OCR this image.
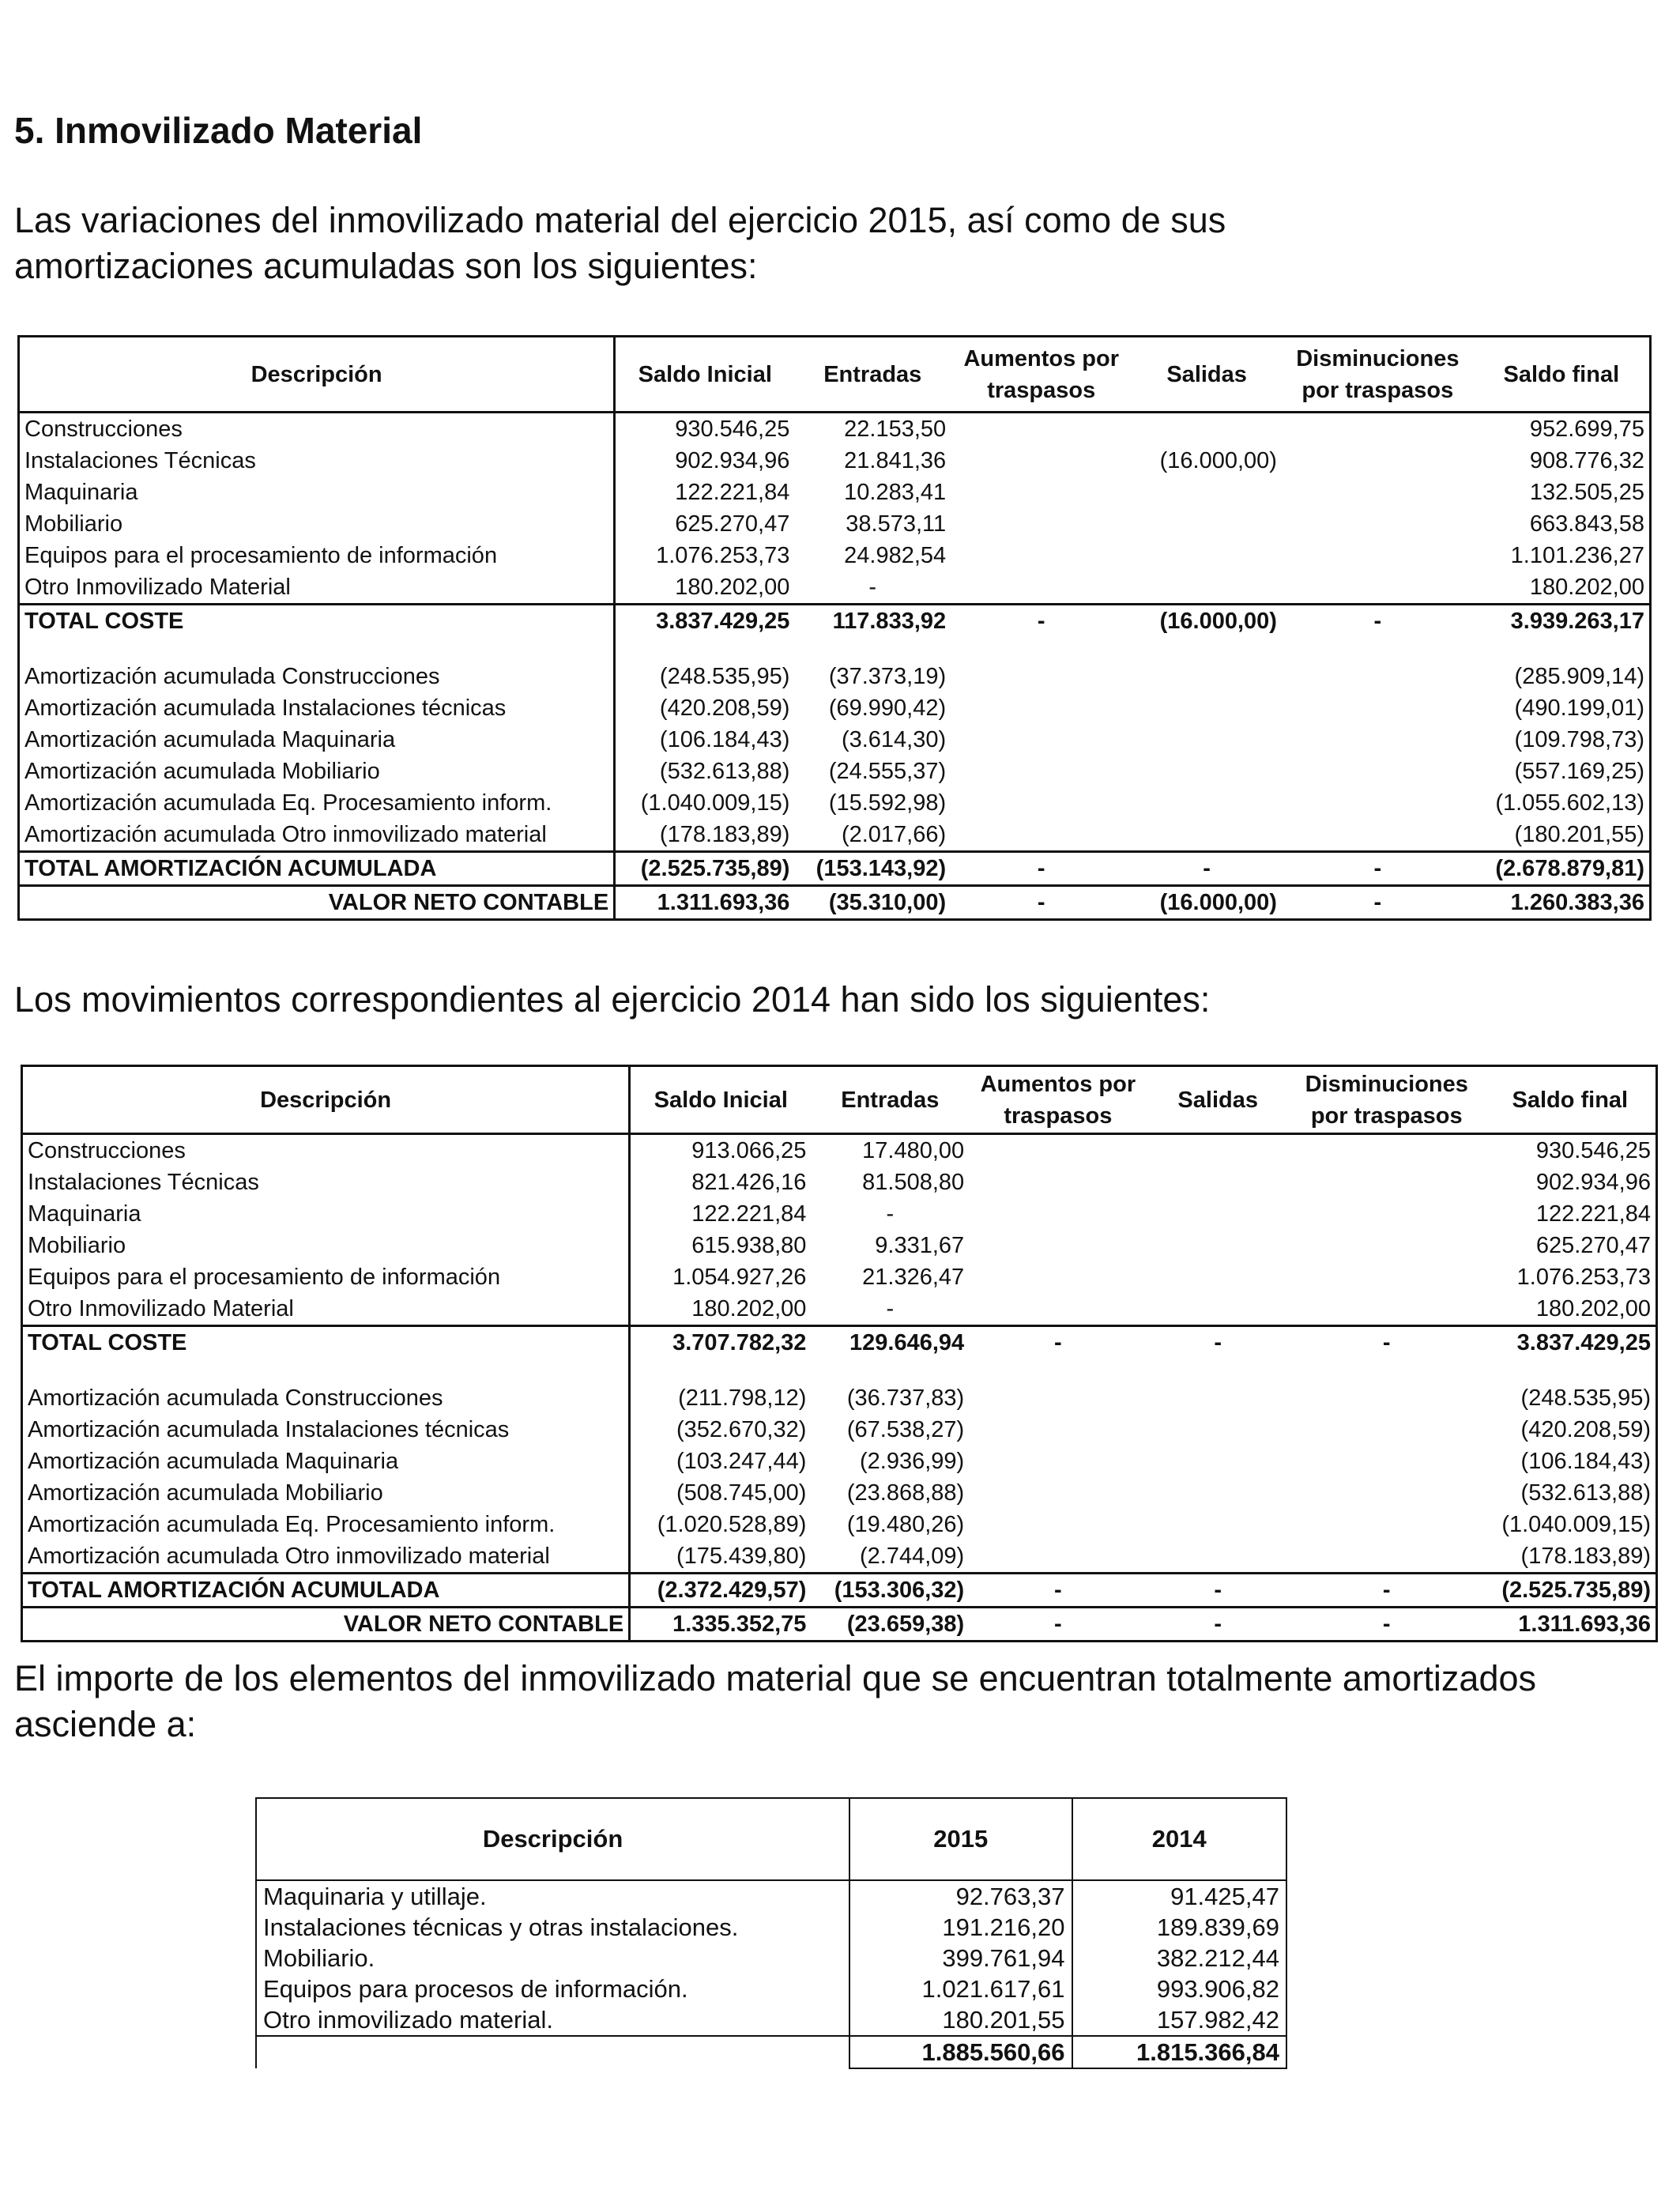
5. Inmovilizado Material

Las variaciones del inmovilizado material del ejercicio 2015, así como de sus amortizaciones acumuladas son los siguientes:

Descripción	Saldo Inicial	Entradas	Aumentos por traspasos	Salidas	Disminuciones por traspasos	Saldo final
Construcciones	930.546,25	22.153,50				952.699,75
Instalaciones Técnicas	902.934,96	21.841,36		(16.000,00)		908.776,32
Maquinaria	122.221,84	10.283,41				132.505,25
Mobiliario	625.270,47	38.573,11				663.843,58
Equipos para el procesamiento de información	1.076.253,73	24.982,54				1.101.236,27
Otro Inmovilizado Material	180.202,00	-				180.202,00
TOTAL COSTE	3.837.429,25	117.833,92	-	(16.000,00)	-	3.939.263,17

Amortización acumulada Construcciones	(248.535,95)	(37.373,19)				(285.909,14)
Amortización acumulada Instalaciones técnicas	(420.208,59)	(69.990,42)				(490.199,01)
Amortización acumulada Maquinaria	(106.184,43)	(3.614,30)				(109.798,73)
Amortización acumulada Mobiliario	(532.613,88)	(24.555,37)				(557.169,25)
Amortización acumulada Eq. Procesamiento inform.	(1.040.009,15)	(15.592,98)				(1.055.602,13)
Amortización acumulada Otro inmovilizado material	(178.183,89)	(2.017,66)				(180.201,55)
TOTAL AMORTIZACIÓN ACUMULADA	(2.525.735,89)	(153.143,92)	-	-	-	(2.678.879,81)
VALOR NETO CONTABLE	1.311.693,36	(35.310,00)	-	(16.000,00)	-	1.260.383,36

Los movimientos correspondientes al ejercicio 2014 han sido los siguientes:

Descripción	Saldo Inicial	Entradas	Aumentos por traspasos	Salidas	Disminuciones por traspasos	Saldo final
Construcciones	913.066,25	17.480,00				930.546,25
Instalaciones Técnicas	821.426,16	81.508,80				902.934,96
Maquinaria	122.221,84	-				122.221,84
Mobiliario	615.938,80	9.331,67				625.270,47
Equipos para el procesamiento de información	1.054.927,26	21.326,47				1.076.253,73
Otro Inmovilizado Material	180.202,00	-				180.202,00
TOTAL COSTE	3.707.782,32	129.646,94	-	-	-	3.837.429,25

Amortización acumulada Construcciones	(211.798,12)	(36.737,83)				(248.535,95)
Amortización acumulada Instalaciones técnicas	(352.670,32)	(67.538,27)				(420.208,59)
Amortización acumulada Maquinaria	(103.247,44)	(2.936,99)				(106.184,43)
Amortización acumulada Mobiliario	(508.745,00)	(23.868,88)				(532.613,88)
Amortización acumulada Eq. Procesamiento inform.	(1.020.528,89)	(19.480,26)				(1.040.009,15)
Amortización acumulada Otro inmovilizado material	(175.439,80)	(2.744,09)				(178.183,89)
TOTAL AMORTIZACIÓN ACUMULADA	(2.372.429,57)	(153.306,32)	-	-	-	(2.525.735,89)
VALOR NETO CONTABLE	1.335.352,75	(23.659,38)	-	-	-	1.311.693,36

El importe de los elementos del inmovilizado material que se encuentran totalmente amortizados asciende a:

Descripción	2015	2014
Maquinaria y utillaje.	92.763,37	91.425,47
Instalaciones técnicas y otras instalaciones.	191.216,20	189.839,69
Mobiliario.	399.761,94	382.212,44
Equipos para procesos de información.	1.021.617,61	993.906,82
Otro inmovilizado material.	180.201,55	157.982,42
	1.885.560,66	1.815.366,84
